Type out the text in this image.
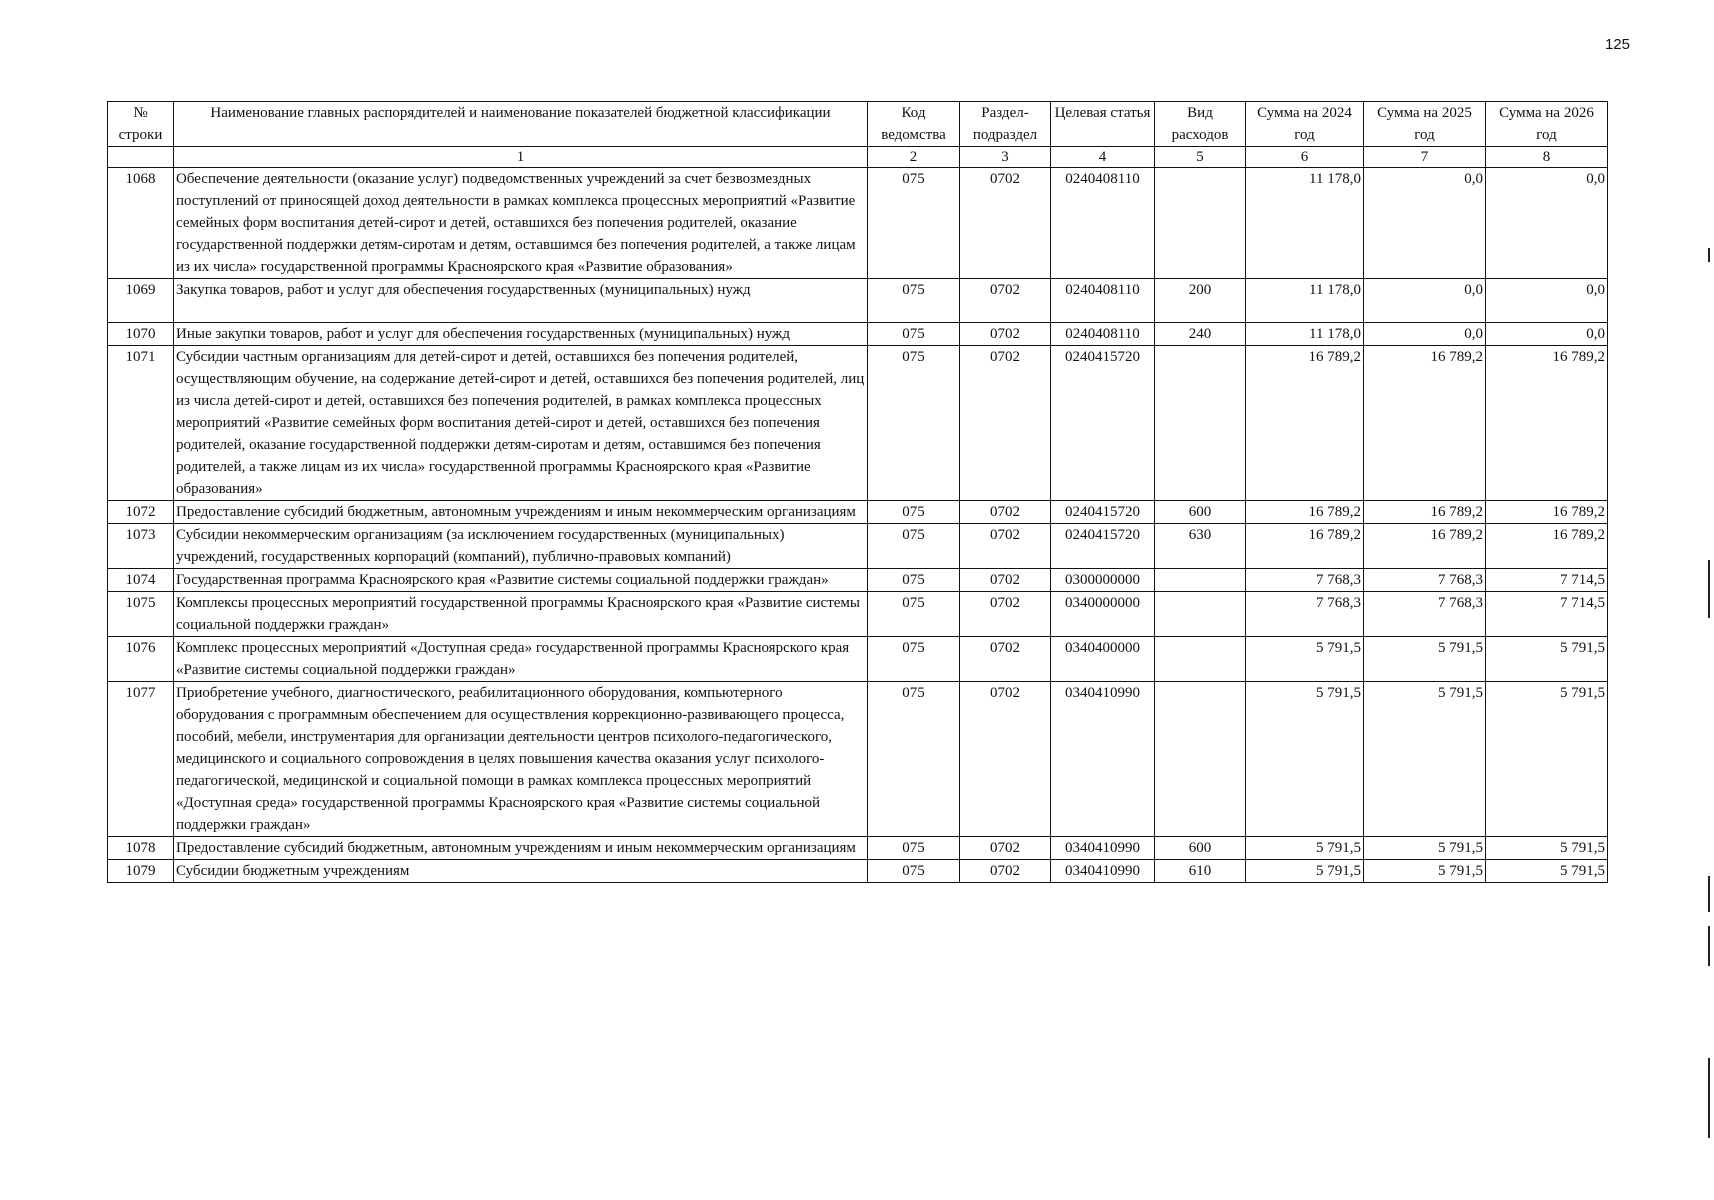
125
№ строки	Наименование главных распорядителей и наименование показателей бюджетной классификации	Код ведомства	Раздел-подраздел	Целевая статья	Вид расходов	Сумма на 2024 год	Сумма на 2025 год	Сумма на 2026 год
	1	2	3	4	5	6	7	8
1068	Обеспечение деятельности (оказание услуг) подведомственных учреждений за счет безвозмездных поступлений от приносящей доход деятельности в рамках комплекса процессных мероприятий «Развитие семейных форм воспитания детей-сирот и детей, оставшихся без попечения родителей, оказание государственной поддержки детям-сиротам и детям, оставшимся без попечения родителей, а также лицам из их числа» государственной программы Красноярского края «Развитие образования»	075	0702	0240408110		11 178,0	0,0	0,0
1069	Закупка товаров, работ и услуг для обеспечения государственных (муниципальных) нужд	075	0702	0240408110	200	11 178,0	0,0	0,0
1070	Иные закупки товаров, работ и услуг для обеспечения государственных (муниципальных) нужд	075	0702	0240408110	240	11 178,0	0,0	0,0
1071	Субсидии частным организациям для детей-сирот и детей, оставшихся без попечения родителей, осуществляющим обучение, на содержание детей-сирот и детей, оставшихся без попечения родителей, лиц из числа детей-сирот и детей, оставшихся без попечения родителей, в рамках комплекса процессных мероприятий «Развитие семейных форм воспитания детей-сирот и детей, оставшихся без попечения родителей, оказание государственной поддержки детям-сиротам и детям, оставшимся без попечения родителей, а также лицам из их числа» государственной программы Красноярского края «Развитие образования»	075	0702	0240415720		16 789,2	16 789,2	16 789,2
1072	Предоставление субсидий бюджетным, автономным учреждениям и иным некоммерческим организациям	075	0702	0240415720	600	16 789,2	16 789,2	16 789,2
1073	Субсидии некоммерческим организациям (за исключением государственных (муниципальных) учреждений, государственных корпораций (компаний), публично-правовых компаний)	075	0702	0240415720	630	16 789,2	16 789,2	16 789,2
1074	Государственная программа Красноярского края «Развитие системы социальной поддержки граждан»	075	0702	0300000000		7 768,3	7 768,3	7 714,5
1075	Комплексы процессных мероприятий государственной программы Красноярского края «Развитие системы социальной поддержки граждан»	075	0702	0340000000		7 768,3	7 768,3	7 714,5
1076	Комплекс процессных мероприятий «Доступная среда» государственной программы Красноярского края «Развитие системы социальной поддержки граждан»	075	0702	0340400000		5 791,5	5 791,5	5 791,5
1077	Приобретение учебного, диагностического, реабилитационного оборудования, компьютерного оборудования с программным обеспечением для осуществления коррекционно-развивающего процесса, пособий, мебели, инструментария для организации деятельности центров психолого-педагогического, медицинского и социального сопровождения в целях повышения качества оказания услуг психолого-педагогической, медицинской и социальной помощи в рамках комплекса процессных мероприятий «Доступная среда» государственной программы Красноярского края «Развитие системы социальной поддержки граждан»	075	0702	0340410990		5 791,5	5 791,5	5 791,5
1078	Предоставление субсидий бюджетным, автономным учреждениям и иным некоммерческим организациям	075	0702	0340410990	600	5 791,5	5 791,5	5 791,5
1079	Субсидии бюджетным учреждениям	075	0702	0340410990	610	5 791,5	5 791,5	5 791,5
